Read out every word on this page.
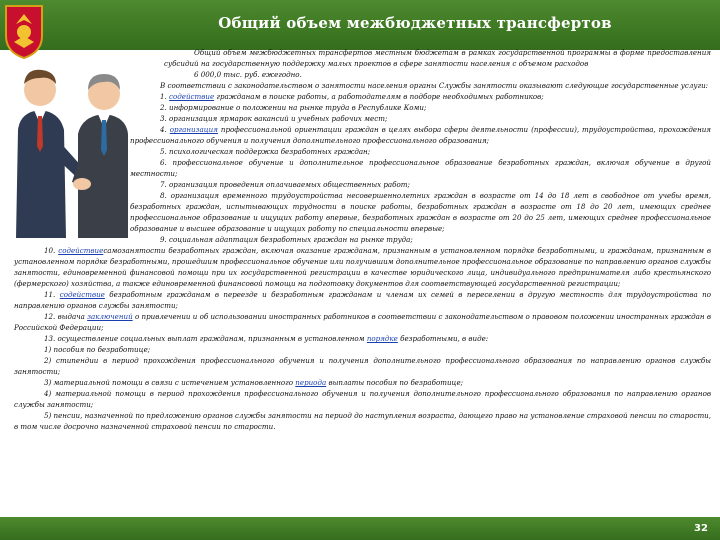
Общий объем межбюджетных трансфертов

Общий объем межбюджетных трансфертов местным бюджетам в рамках государственной программы в форме предоставления субсидий на государственную поддержку малых проектов в сфере занятости населения с объемом расходов

6 000,0 тыс. руб. ежегодно.

В соответствии с законодательством о занятости населения органы Службы занятости оказывают следующие государственные услуги:

1. содействие гражданам в поиске работы, а работодателям в подборе необходимых работников;

2. информирование о положении на рынке труда в Республике Коми;

3. организация ярмарок вакансий и учебных рабочих мест;

4. организация профессиональной ориентации граждан в целях выбора сферы деятельности (профессии), трудоустройства, прохождения профессионального обучения и получения дополнительного профессионального образования;

5. психологическая поддержка безработных граждан;

6. профессиональное обучение и дополнительное профессиональное образование безработных граждан, включая обучение в другой местности;

7. организация проведения оплачиваемых общественных работ;

8. организация временного трудоустройства несовершеннолетних граждан в возрасте от 14 до 18 лет в свободное от учебы время, безработных граждан, испытывающих трудности в поиске работы, безработных граждан в возрасте от 18 до 20 лет, имеющих среднее профессиональное образование и ищущих работу впервые, безработных граждан в возрасте от 20 до 25 лет, имеющих среднее профессиональное образование и высшее образование и ищущих работу по специальности впервые;

9. социальная адаптация безработных граждан на рынке труда;

10. содействиесамозанятости безработных граждан, включая оказание гражданам, признанным в установленном порядке безработными, и гражданам, признанным в установленном порядке безработными, прошедшим профессиональное обучение или получившим дополнительное профессиональное образование по направлению органов службы занятости, единовременной финансовой помощи при их государственной регистрации в качестве юридического лица, индивидуального предпринимателя либо крестьянского (фермерского) хозяйства, а также единовременной финансовой помощи на подготовку документов для соответствующей государственной регистрации;

11. содействие безработным гражданам в переезде и безработным гражданам и членам их семей в переселении в другую местность для трудоустройства по направлению органов службы занятости;

12. выдача заключений о привлечении и об использовании иностранных работников в соответствии с законодательством о правовом положении иностранных граждан в Российской Федерации;

13. осуществление социальных выплат гражданам, признанным в установленном порядке безработными, в виде:

1) пособия по безработице;

2) стипендии в период прохождения профессионального обучения и получения дополнительного профессионального образования по направлению органов службы занятости;

3) материальной помощи в связи с истечением установленного периода выплаты пособия по безработице;

4) материальной помощи в период прохождения профессионального обучения и получения дополнительного профессионального образования по направлению органов службы занятости;

5) пенсии, назначенной по предложению органов службы занятости на период до наступления возраста, дающего право на установление страховой пенсии по старости, в том числе досрочно назначенной страховой пенсии по старости.

32
